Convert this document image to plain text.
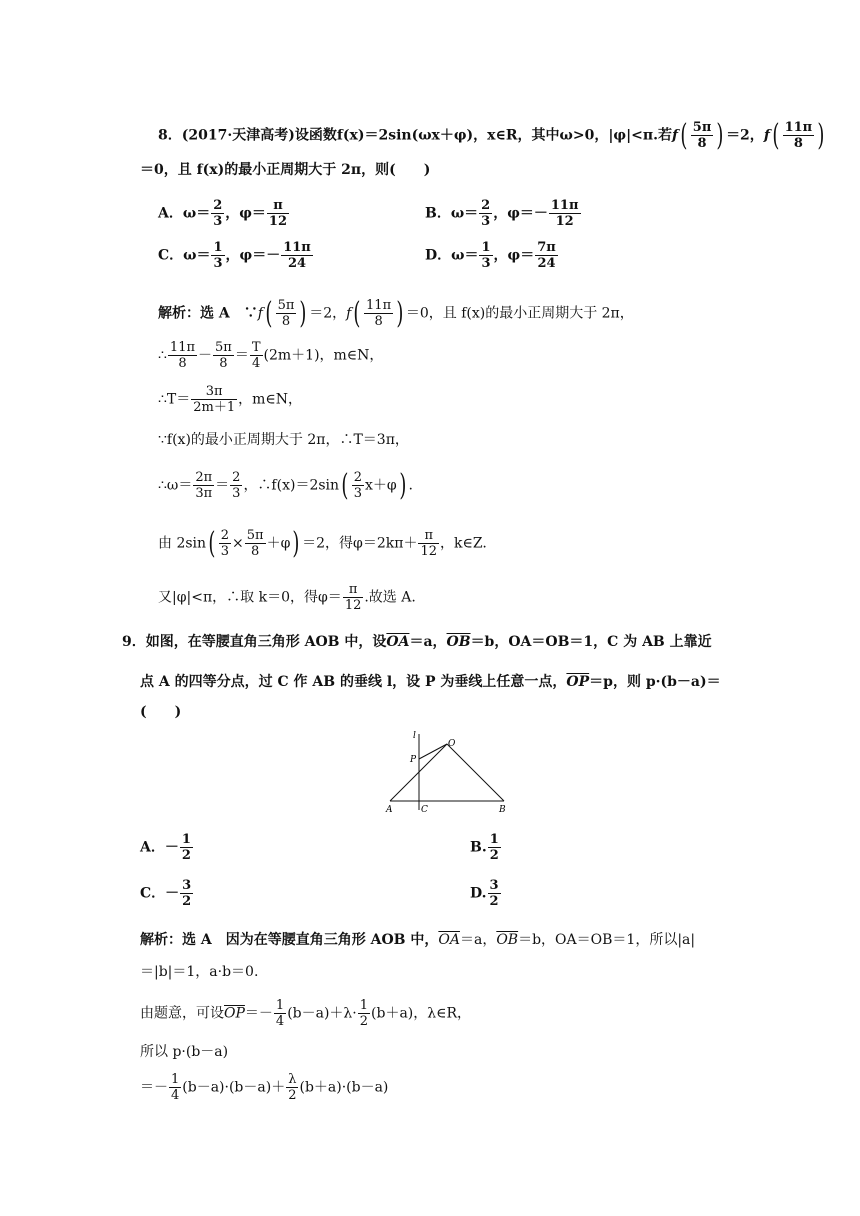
8．(2017·天津高考)设函数f(x)＝2sin(ωx＋φ)，x∈R，其中ω>0，|φ|<π.若$f( \frac{5\pi}{8}$ ) ＝2，$f( \frac{11\pi}{8}$ )
＝0，且 f(x)的最小正周期大于 2π，则(　　)
A．$\omega= \frac{2}{3}$ ，$\varphi= \frac{\pi}{12}$	B．$\omega= \frac{2}{3}$ ，$\varphi=- \frac{11\pi}{12}$
C．$\omega= \frac{1}{3}$ ，$\varphi=- \frac{11\pi}{24}$	D．$\omega= \frac{1}{3}$ ，$\varphi= \frac{7\pi}{24}$
解析：选 A　∵f( $\frac{5\pi}{8}$ ) ＝2，$f( \frac{11\pi}{8}$ ) ＝0，且 f(x)的最小正周期大于 2π，
∴ $\frac{11\pi}{8} - \frac{5\pi}{8} = \frac{T}{4} (2m+1)$，m∈N，
∴T＝ $\frac{3\pi}{2m+1}$ ，m∈N，
∵f(x)的最小正周期大于 2π，∴T＝3π，
∴ω＝ $\frac{2\pi}{3\pi} = \frac{2}{3}$ ，∴f(x)＝2sin( $\frac{2}{3} x+\varphi$) .
由 $2\sin( \frac{2}{3} \times \frac{5\pi}{8} +\varphi) =2$，得$\varphi=2k\pi+ \frac{\pi}{12}$ ，k∈Z.
又|φ|<π，∴取 k＝0，得$\varphi= \frac{\pi}{12}$ .故选 A.
9．如图，在等腰直角三角形 AOB 中，设$\overline{OA}=a$，$\overline{OB}=b$，OA＝OB＝1，C 为 AB 上靠近
点 A 的四等分点，过 C 作 AB 的垂线 l，设 P 为垂线上任意一点，$\overline{OP}=p$，则 p·(b－a)＝
(　　)
l
O
P
A	C	B
A．－ $\frac{1}{2}$	B. $\frac{1}{2}$
C．－ $\frac{3}{2}$	D. $\frac{3}{2}$
解析：选 A　因为在等腰直角三角形 AOB 中，$\overline{OA}=a$，$\overline{OB}=b$，OA＝OB＝1，所以|a|
＝|b|＝1，a·b＝0.
由题意，可设$\overline{OP}=- \frac{1}{4} (b-a)+\lambda\cdot \frac{1}{2} (b+a)$，λ∈R，
所以 p·(b－a)
＝－ $\frac{1}{4} (b-a)\cdot(b-a)+ \frac{\lambda}{2} (b+a)\cdot(b-a)$
